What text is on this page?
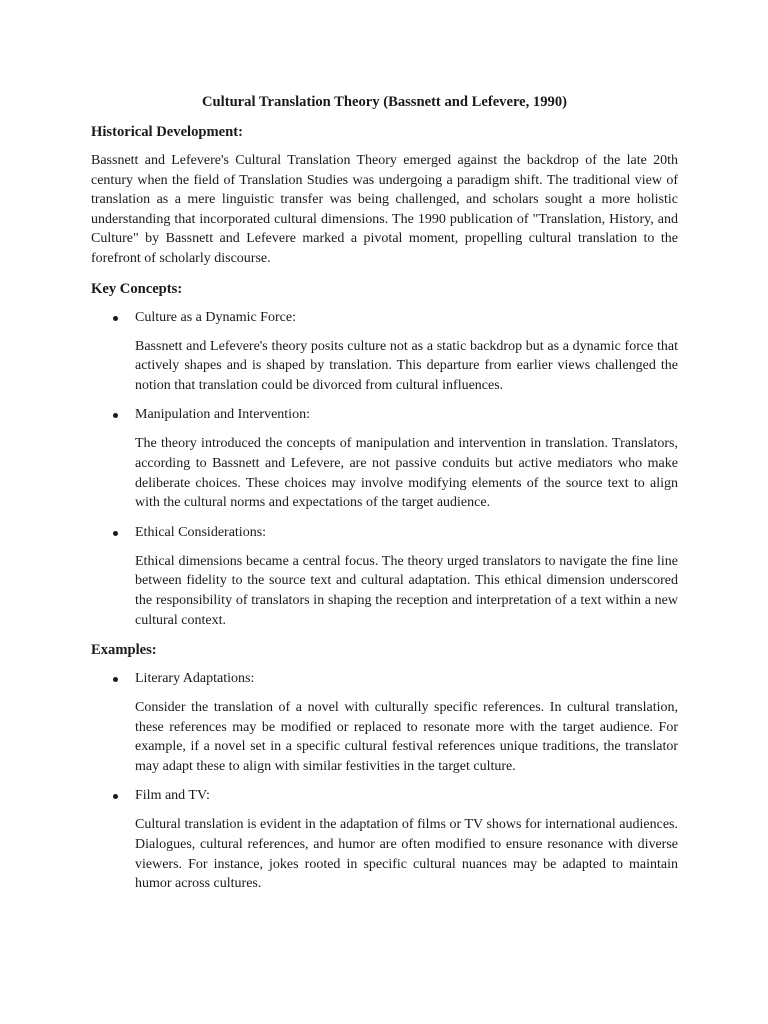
Cultural Translation Theory (Bassnett and Lefevere, 1990)
Historical Development:
Bassnett and Lefevere's Cultural Translation Theory emerged against the backdrop of the late 20th century when the field of Translation Studies was undergoing a paradigm shift. The traditional view of translation as a mere linguistic transfer was being challenged, and scholars sought a more holistic understanding that incorporated cultural dimensions. The 1990 publication of "Translation, History, and Culture" by Bassnett and Lefevere marked a pivotal moment, propelling cultural translation to the forefront of scholarly discourse.
Key Concepts:
Culture as a Dynamic Force:
Bassnett and Lefevere's theory posits culture not as a static backdrop but as a dynamic force that actively shapes and is shaped by translation. This departure from earlier views challenged the notion that translation could be divorced from cultural influences.
Manipulation and Intervention:
The theory introduced the concepts of manipulation and intervention in translation. Translators, according to Bassnett and Lefevere, are not passive conduits but active mediators who make deliberate choices. These choices may involve modifying elements of the source text to align with the cultural norms and expectations of the target audience.
Ethical Considerations:
Ethical dimensions became a central focus. The theory urged translators to navigate the fine line between fidelity to the source text and cultural adaptation. This ethical dimension underscored the responsibility of translators in shaping the reception and interpretation of a text within a new cultural context.
Examples:
Literary Adaptations:
Consider the translation of a novel with culturally specific references. In cultural translation, these references may be modified or replaced to resonate more with the target audience. For example, if a novel set in a specific cultural festival references unique traditions, the translator may adapt these to align with similar festivities in the target culture.
Film and TV:
Cultural translation is evident in the adaptation of films or TV shows for international audiences. Dialogues, cultural references, and humor are often modified to ensure resonance with diverse viewers. For instance, jokes rooted in specific cultural nuances may be adapted to maintain humor across cultures.
